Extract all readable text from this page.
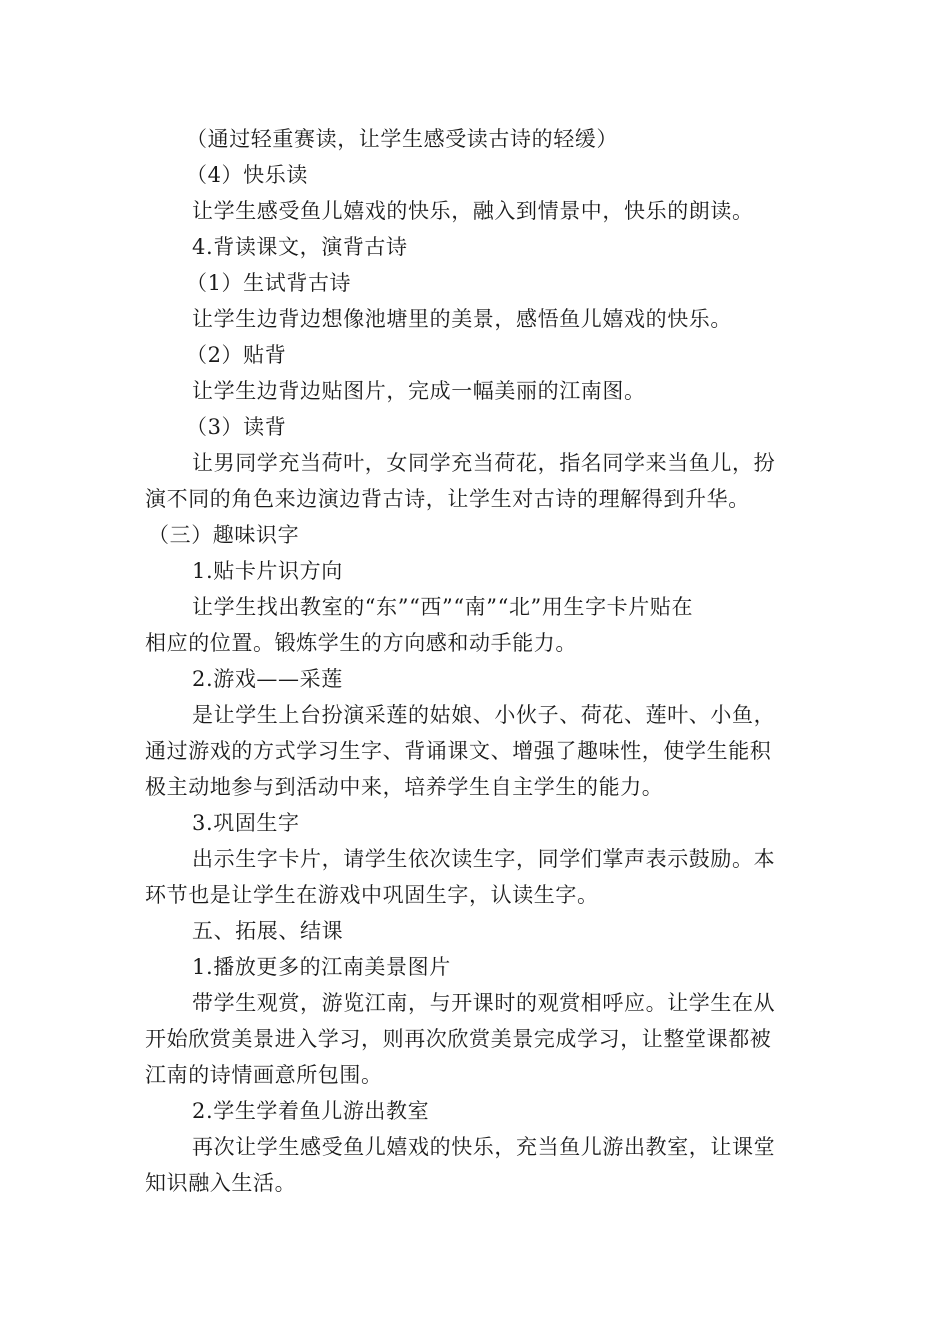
（通过轻重赛读，让学生感受读古诗的轻缓）
（4）快乐读
让学生感受鱼儿嬉戏的快乐，融入到情景中，快乐的朗读。
4.背读课文，演背古诗
（1）生试背古诗
让学生边背边想像池塘里的美景，感悟鱼儿嬉戏的快乐。
（2）贴背
让学生边背边贴图片，完成一幅美丽的江南图。
（3）读背
让男同学充当荷叶，女同学充当荷花，指名同学来当鱼儿，扮
演不同的角色来边演边背古诗，让学生对古诗的理解得到升华。
（三）趣味识字
1.贴卡片识方向
让学生找出教室的“东”“西”“南”“北”用生字卡片贴在
相应的位置。锻炼学生的方向感和动手能力。
2.游戏——采莲
是让学生上台扮演采莲的姑娘、小伙子、荷花、莲叶、小鱼，
通过游戏的方式学习生字、背诵课文、增强了趣味性，使学生能积
极主动地参与到活动中来，培养学生自主学生的能力。
3.巩固生字
出示生字卡片，请学生依次读生字，同学们掌声表示鼓励。本
环节也是让学生在游戏中巩固生字，认读生字。
五、拓展、结课
1.播放更多的江南美景图片
带学生观赏，游览江南，与开课时的观赏相呼应。让学生在从
开始欣赏美景进入学习，则再次欣赏美景完成学习，让整堂课都被
江南的诗情画意所包围。
2.学生学着鱼儿游出教室
再次让学生感受鱼儿嬉戏的快乐，充当鱼儿游出教室，让课堂
知识融入生活。
